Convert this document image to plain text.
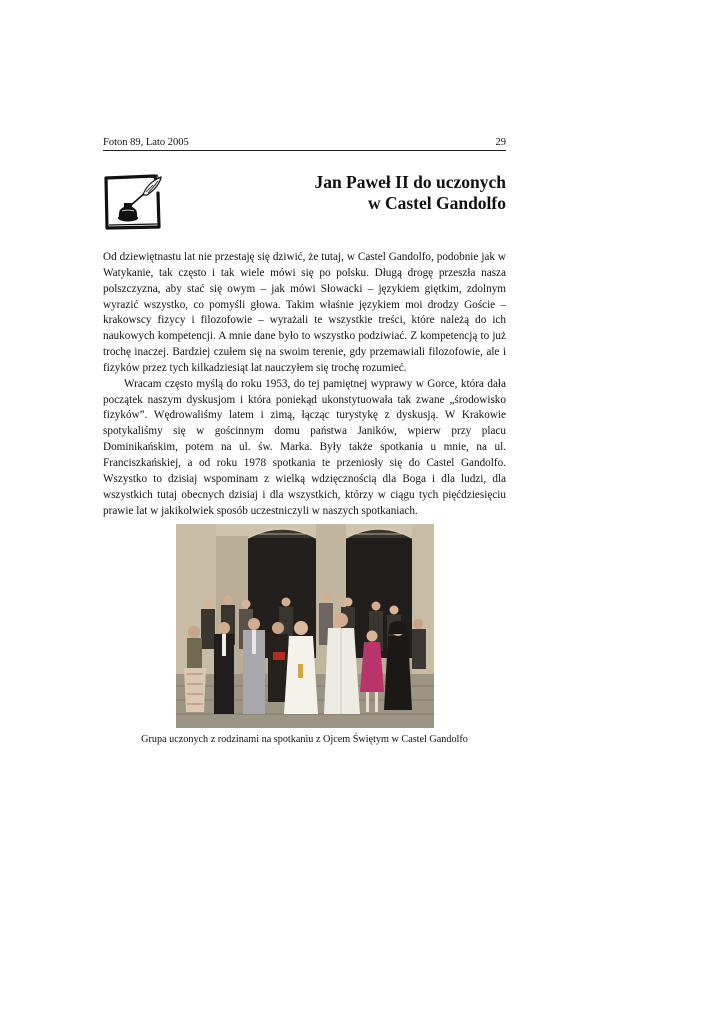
Foton 89, Lato 2005	29
Jan Paweł II do uczonych
w Castel Gandolfo

Od dziewiętnastu lat nie przestaję się dziwić, że tutaj, w Castel Gandolfo, podobnie jak w Watykanie, tak często i tak wiele mówi się po polsku. Długą drogę przeszła nasza polszczyzna, aby stać się owym – jak mówi Słowacki – językiem giętkim, zdolnym wyrazić wszystko, co pomyśli głowa. Takim właśnie językiem moi drodzy Goście – krakowscy fizycy i filozofowie – wyrażali te wszystkie treści, które należą do ich naukowych kompetencji. A mnie dane było to wszystko podziwiać. Z kompetencją to już trochę inaczej. Bardziej czułem się na swoim terenie, gdy przemawiali filozofowie, ale i fizyków przez tych kilkadziesiąt lat nauczyłem się trochę rozumieć.

Wracam często myślą do roku 1953, do tej pamiętnej wyprawy w Gorce, która dała początek naszym dyskusjom i która poniekąd ukonstytuowała tak zwane „środowisko fizyków”. Wędrowaliśmy latem i zimą, łącząc turystykę z dyskusją. W Krakowie spotykaliśmy się w gościnnym domu państwa Janików, wpierw przy placu Dominikańskim, potem na ul. św. Marka. Były także spotkania u mnie, na ul. Franciszkańskiej, a od roku 1978 spotkania te przeniosły się do Castel Gandolfo. Wszystko to dzisiaj wspominam z wielką wdzięcznością dla Boga i dla ludzi, dla wszystkich tutaj obecnych dzisiaj i dla wszystkich, którzy w ciągu tych pięćdziesięciu prawie lat w jakikolwiek sposób uczestniczyli w naszych spotkaniach.

Grupa uczonych z rodzinami na spotkaniu z Ojcem Świętym w Castel Gandolfo
